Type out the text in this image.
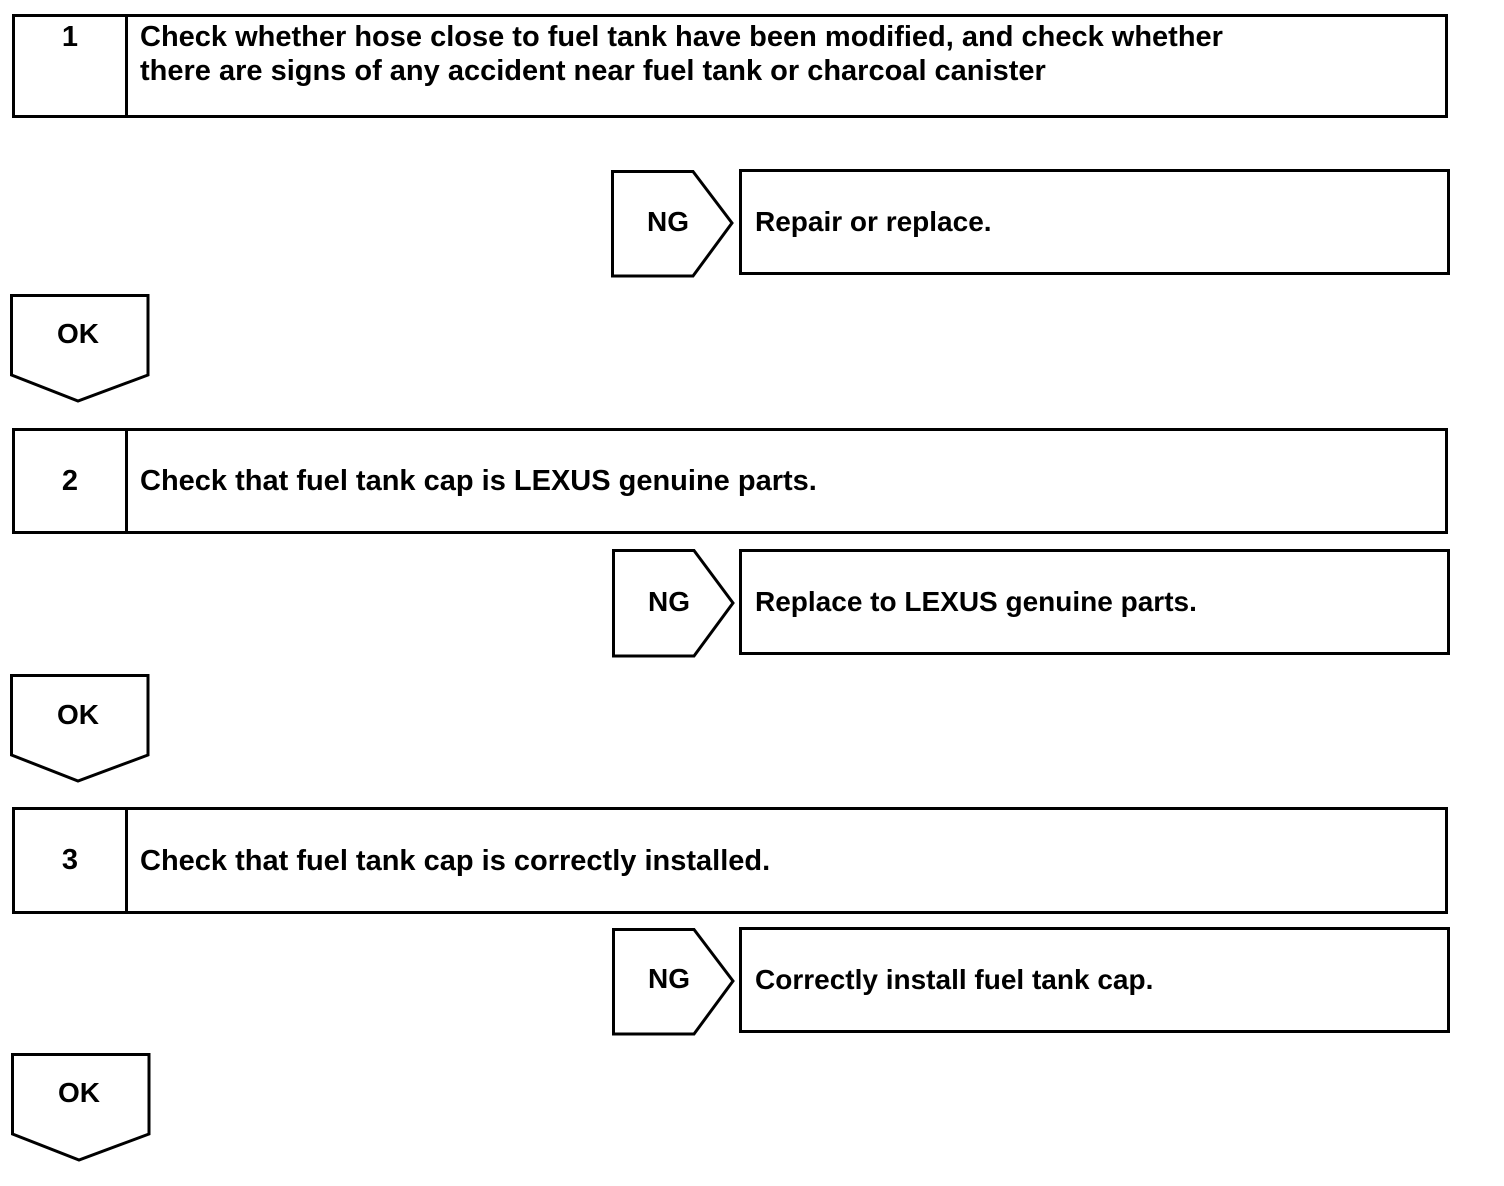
1	Check whether hose close to fuel tank have been modified, and check whether
there are signs of any accident near fuel tank or charcoal canister
NG	Repair or replace.
OK
2	Check that fuel tank cap is LEXUS genuine parts.
NG	Replace to LEXUS genuine parts.
OK
3	Check that fuel tank cap is correctly installed.
NG	Correctly install fuel tank cap.
OK
